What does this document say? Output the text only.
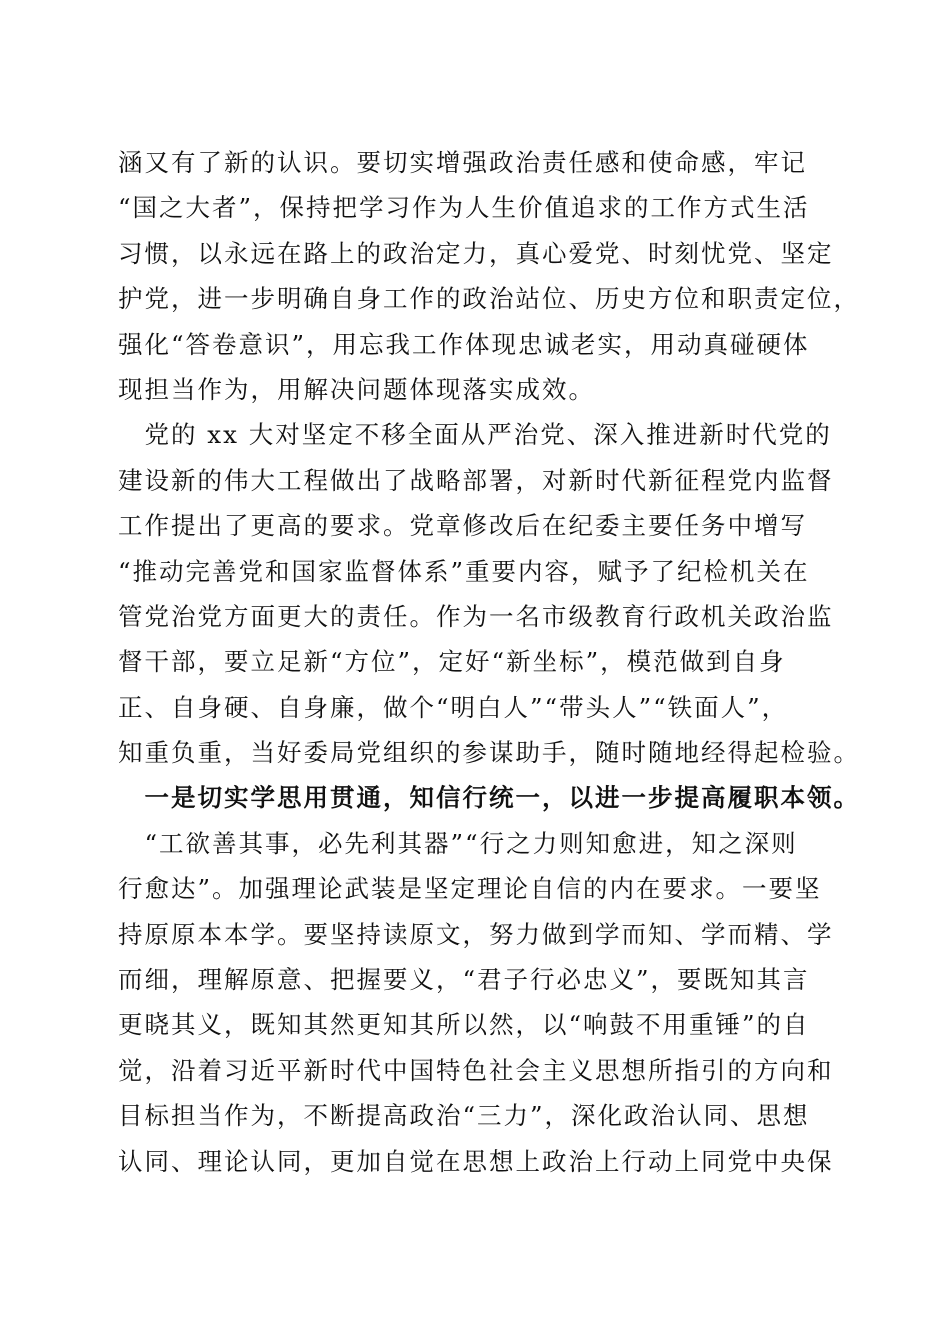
涵又有了新的认识。要切实增强政治责任感和使命感，牢记
“国之大者”，保持把学习作为人生价值追求的工作方式生活
习惯，以永远在路上的政治定力，真心爱党、时刻忧党、坚定
护党，进一步明确自身工作的政治站位、历史方位和职责定位，
强化“答卷意识”，用忘我工作体现忠诚老实，用动真碰硬体
现担当作为，用解决问题体现落实成效。
　党的 xx 大对坚定不移全面从严治党、深入推进新时代党的
建设新的伟大工程做出了战略部署，对新时代新征程党内监督
工作提出了更高的要求。党章修改后在纪委主要任务中增写
“推动完善党和国家监督体系”重要内容，赋予了纪检机关在
管党治党方面更大的责任。作为一名市级教育行政机关政治监
督干部，要立足新“方位”，定好“新坐标”，模范做到自身
正、自身硬、自身廉，做个“明白人”“带头人”“铁面人”，
知重负重，当好委局党组织的参谋助手，随时随地经得起检验。
　一是切实学思用贯通，知信行统一，以进一步提高履职本领。
　“工欲善其事，必先利其器”“行之力则知愈进，知之深则
行愈达”。加强理论武装是坚定理论自信的内在要求。一要坚
持原原本本学。要坚持读原文，努力做到学而知、学而精、学
而细，理解原意、把握要义，“君子行必忠义”，要既知其言
更晓其义，既知其然更知其所以然，以“响鼓不用重锤”的自
觉，沿着习近平新时代中国特色社会主义思想所指引的方向和
目标担当作为，不断提高政治“三力”，深化政治认同、思想
认同、理论认同，更加自觉在思想上政治上行动上同党中央保
